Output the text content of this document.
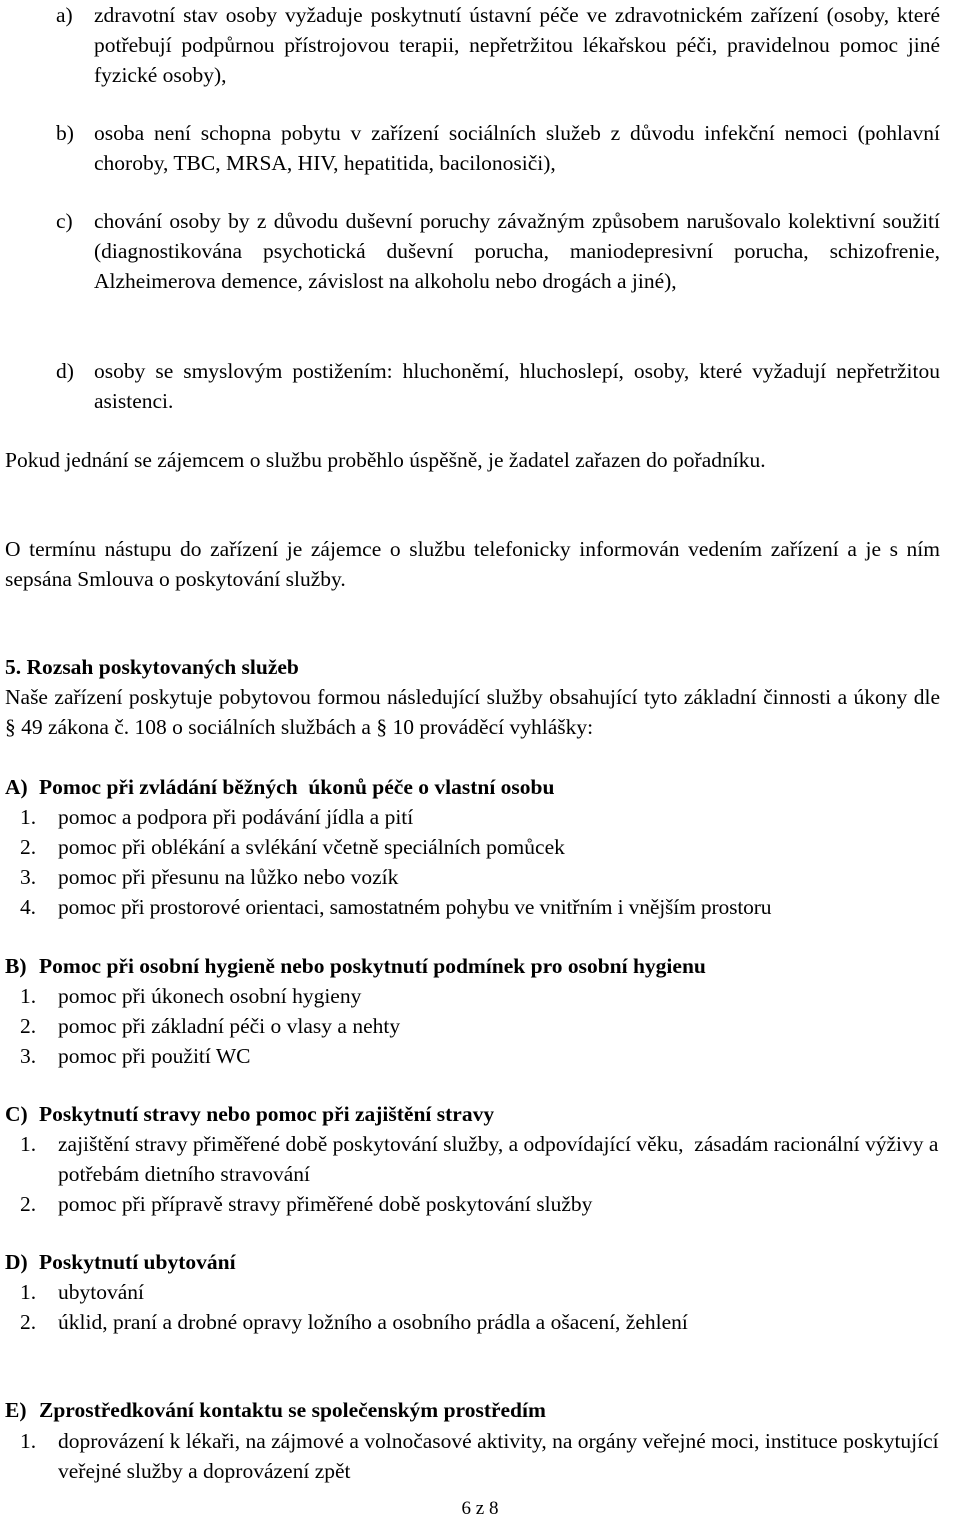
a) zdravotní stav osoby vyžaduje poskytnutí ústavní péče ve zdravotnickém zařízení (osoby, které potřebují podpůrnou přístrojovou terapii, nepřetržitou lékařskou péči, pravidelnou pomoc jiné fyzické osoby),

b) osoba není schopna pobytu v zařízení sociálních služeb z důvodu infekční nemoci (pohlavní choroby, TBC, MRSA, HIV, hepatitida, bacilonosiči),

c) chování osoby by z důvodu duševní poruchy závažným způsobem narušovalo kolektivní soužití (diagnostikována psychotická duševní porucha, maniodepresivní porucha, schizofrenie, Alzheimerova demence, závislost na alkoholu nebo drogách a jiné),

d) osoby se smyslovým postižením: hluchoněmí, hluchoslepí, osoby, které vyžadují nepřetržitou asistenci.

Pokud jednání se zájemcem o službu proběhlo úspěšně, je žadatel zařazen do pořadníku.

O termínu nástupu do zařízení je zájemce o službu telefonicky informován vedením zařízení a je s ním sepsána Smlouva o poskytování služby.

5. Rozsah poskytovaných služeb

Naše zařízení poskytuje pobytovou formou následující služby obsahující tyto základní činnosti a úkony dle § 49 zákona č. 108 o sociálních službách a § 10 prováděcí vyhlášky:

A) Pomoc při zvládání běžných  úkonů péče o vlastní osobu
1. pomoc a podpora při podávání jídla a pití
2. pomoc při oblékání a svlékání včetně speciálních pomůcek
3. pomoc při přesunu na lůžko nebo vozík
4. pomoc při prostorové orientaci, samostatném pohybu ve vnitřním i vnějším prostoru
B) Pomoc při osobní hygieně nebo poskytnutí podmínek pro osobní hygienu
1. pomoc při úkonech osobní hygieny
2. pomoc při základní péči o vlasy a nehty
3. pomoc při použití WC
C) Poskytnutí stravy nebo pomoc při zajištění stravy
1. zajištění stravy přiměřené době poskytování služby, a odpovídající věku,  zásadám racionální výživy a potřebám dietního stravování
2. pomoc při přípravě stravy přiměřené době poskytování služby
D) Poskytnutí ubytování
1. ubytování
2. úklid, praní a drobné opravy ložního a osobního prádla a ošacení, žehlení
E) Zprostředkování kontaktu se společenským prostředím
1. doprovázení k lékaři, na zájmové a volnočasové aktivity, na orgány veřejné moci, instituce poskytující veřejné služby a doprovázení zpět
6 z 8
